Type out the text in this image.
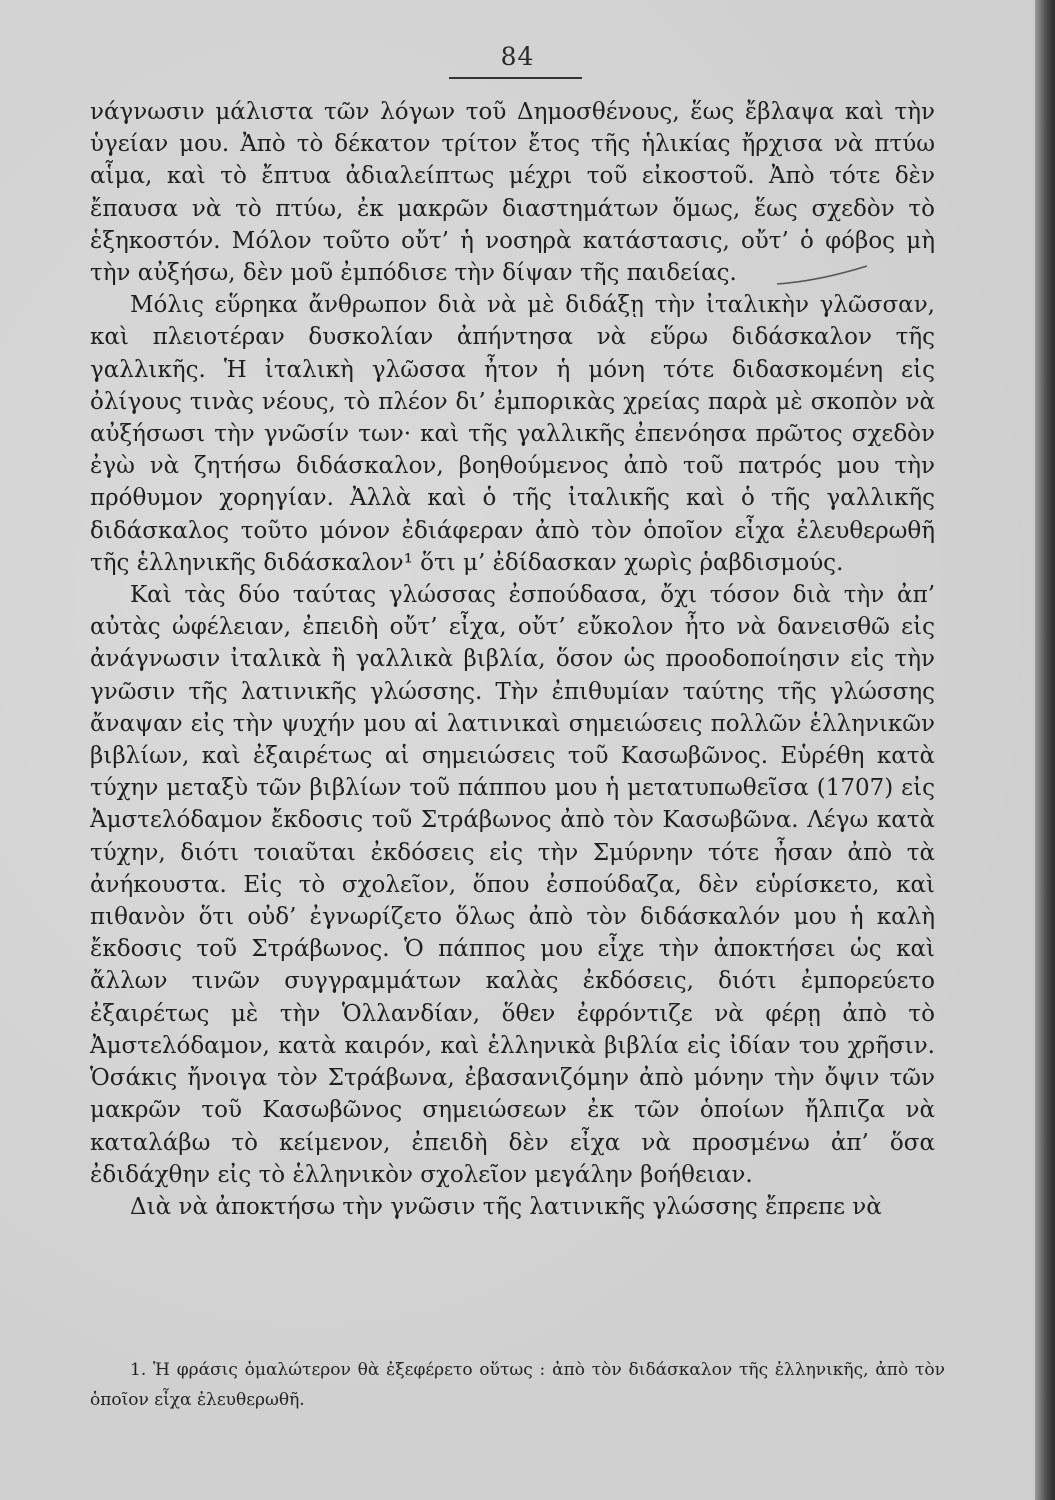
84

νάγνωσιν μάλιστα τῶν λόγων τοῦ Δημοσθένους, ἕως ἔβλαψα καὶ τὴν ὑγείαν μου. Ἀπὸ τὸ δέκατον τρίτον ἔτος τῆς ἡλικίας ἤρχισα νὰ πτύω αἷμα, καὶ τὸ ἔπτυα ἀδιαλείπτως μέχρι τοῦ εἰκοστοῦ. Ἀπὸ τότε δὲν ἔπαυσα νὰ τὸ πτύω, ἐκ μακρῶν διαστημάτων ὅμως, ἕως σχεδὸν τὸ ἑξηκοστόν. Μόλον τοῦτο οὔτ’ ἡ νοσηρὰ κατάστασις, οὔτ’ ὁ φόβος μὴ τὴν αὐξήσω, δὲν μοῦ ἐμπόδισε τὴν δίψαν τῆς παιδείας.

Μόλις εὕρηκα ἄνθρωπον διὰ νὰ μὲ διδάξῃ τὴν ἰταλικὴν γλῶσσαν, καὶ πλειοτέραν δυσκολίαν ἀπήντησα νὰ εὕρω διδάσκαλον τῆς γαλλικῆς. Ἡ ἰταλικὴ γλῶσσα ἦτον ἡ μόνη τότε διδασκομένη εἰς ὀλίγους τινὰς νέους, τὸ πλέον δι’ ἐμπορικὰς χρείας παρὰ μὲ σκοπὸν νὰ αὐξήσωσι τὴν γνῶσίν των· καὶ τῆς γαλλικῆς ἐπενόησα πρῶτος σχεδὸν ἐγὼ νὰ ζητήσω διδάσκαλον, βοηθούμενος ἀπὸ τοῦ πατρός μου τὴν πρόθυμον χορηγίαν. Ἀλλὰ καὶ ὁ τῆς ἰταλικῆς καὶ ὁ τῆς γαλλικῆς διδάσκαλος τοῦτο μόνον ἐδιάφεραν ἀπὸ τὸν ὁποῖον εἶχα ἐλευθερωθῆ τῆς ἑλληνικῆς διδάσκαλον¹ ὅτι μ’ ἐδίδασκαν χωρὶς ῥαβδισμούς.

Καὶ τὰς δύο ταύτας γλώσσας ἐσπούδασα, ὄχι τόσον διὰ τὴν ἀπ’ αὐτὰς ὠφέλειαν, ἐπειδὴ οὔτ’ εἶχα, οὔτ’ εὔκολον ἦτο νὰ δανεισθῶ εἰς ἀνάγνωσιν ἰταλικὰ ἢ γαλλικὰ βιβλία, ὅσον ὡς προοδοποίησιν εἰς τὴν γνῶσιν τῆς λατινικῆς γλώσσης. Τὴν ἐπιθυμίαν ταύτης τῆς γλώσσης ἄναψαν εἰς τὴν ψυχήν μου αἱ λατινικαὶ σημειώσεις πολλῶν ἑλληνικῶν βιβλίων, καὶ ἐξαιρέτως αἱ σημειώσεις τοῦ Κασωβῶνος. Εὑρέθη κατὰ τύχην μεταξὺ τῶν βιβλίων τοῦ πάππου μου ἡ μετατυπωθεῖσα (1707) εἰς Ἀμστελόδαμον ἔκδοσις τοῦ Στράβωνος ἀπὸ τὸν Κασωβῶνα. Λέγω κατὰ τύχην, διότι τοιαῦται ἐκδόσεις εἰς τὴν Σμύρνην τότε ἦσαν ἀπὸ τὰ ἀνήκουστα. Εἰς τὸ σχολεῖον, ὅπου ἐσπούδαζα, δὲν εὑρίσκετο, καὶ πιθανὸν ὅτι οὐδ’ ἐγνωρίζετο ὅλως ἀπὸ τὸν διδάσκαλόν μου ἡ καλὴ ἔκδοσις τοῦ Στράβωνος. Ὁ πάππος μου εἶχε τὴν ἀποκτήσει ὡς καὶ ἄλλων τινῶν συγγραμμάτων καλὰς ἐκδόσεις, διότι ἐμπορεύετο ἐξαιρέτως μὲ τὴν Ὁλλανδίαν, ὅθεν ἐφρόντιζε νὰ φέρῃ ἀπὸ τὸ Ἀμστελόδαμον, κατὰ καιρόν, καὶ ἑλληνικὰ βιβλία εἰς ἰδίαν του χρῆσιν. Ὁσάκις ἤνοιγα τὸν Στράβωνα, ἐβασανιζόμην ἀπὸ μόνην τὴν ὄψιν τῶν μακρῶν τοῦ Κασωβῶνος σημειώσεων ἐκ τῶν ὁποίων ἤλπιζα νὰ καταλάβω τὸ κείμενον, ἐπειδὴ δὲν εἶχα νὰ προσμένω ἀπ’ ὅσα ἐδιδάχθην εἰς τὸ ἑλληνικὸν σχολεῖον μεγάλην βοήθειαν.

Διὰ νὰ ἀποκτήσω τὴν γνῶσιν τῆς λατινικῆς γλώσσης ἔπρεπε νὰ

1. Ἡ φράσις ὁμαλώτερον θὰ ἐξεφέρετο οὕτως : ἀπὸ τὸν διδάσκαλον τῆς ἑλληνικῆς, ἀπὸ τὸν ὁποῖον εἶχα ἐλευθερωθῆ.
